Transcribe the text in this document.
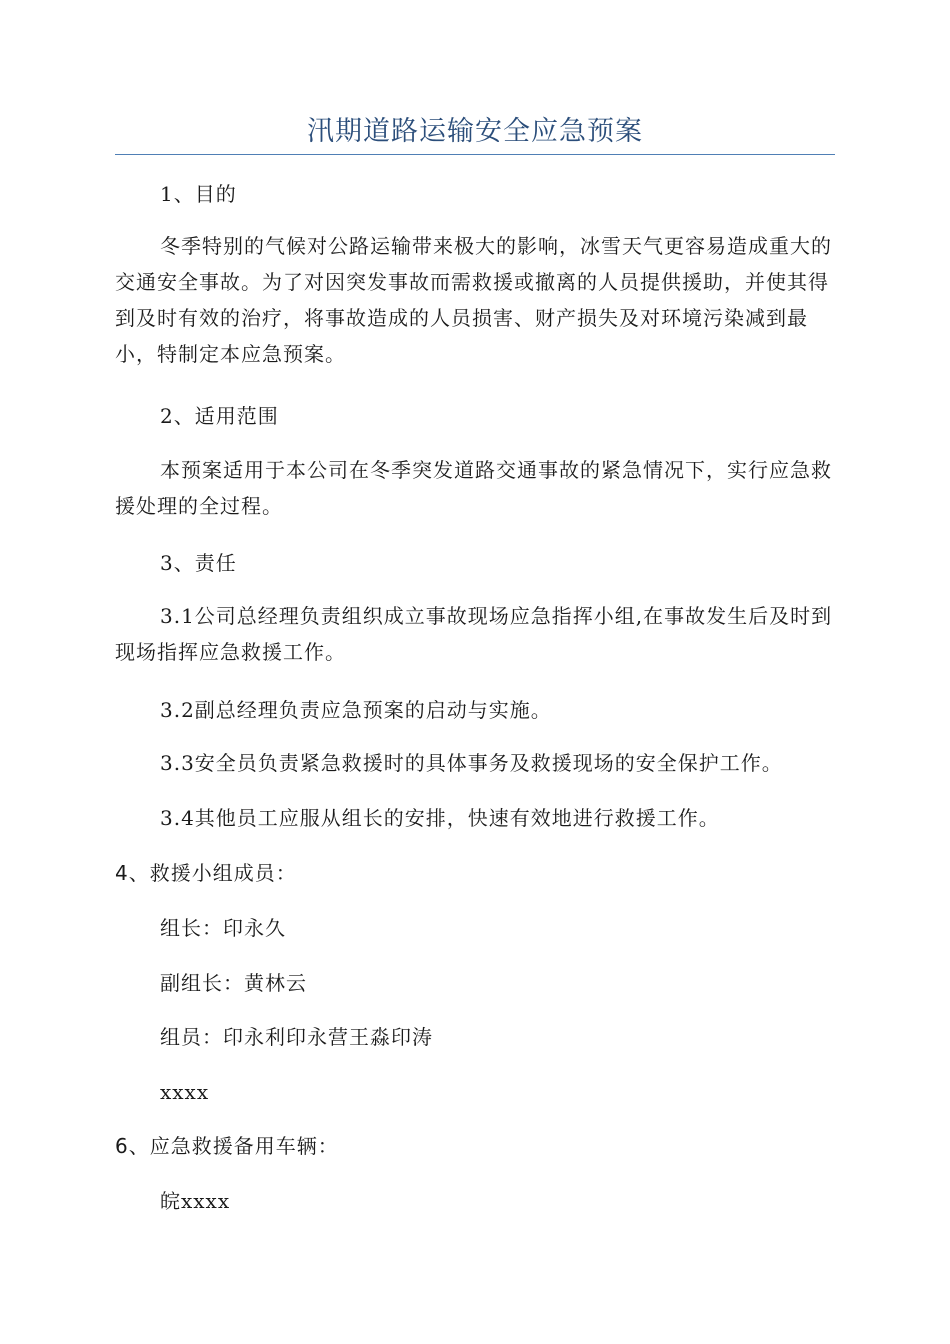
汛期道路运输安全应急预案

1、目的

冬季特别的气候对公路运输带来极大的影响，冰雪天气更容易造成重大的交通安全事故。为了对因突发事故而需救援或撤离的人员提供援助，并使其得到及时有效的治疗，将事故造成的人员损害、财产损失及对环境污染减到最小，特制定本应急预案。

2、适用范围

本预案适用于本公司在冬季突发道路交通事故的紧急情况下，实行应急救援处理的全过程。

3、责任

3.1公司总经理负责组织成立事故现场应急指挥小组,在事故发生后及时到现场指挥应急救援工作。

3.2副总经理负责应急预案的启动与实施。

3.3安全员负责紧急救援时的具体事务及救援现场的安全保护工作。

3.4其他员工应服从组长的安排，快速有效地进行救援工作。

4、救援小组成员：

组长：印永久

副组长：黄林云

组员：印永利印永营王淼印涛

xxxx

6、应急救援备用车辆：

皖xxxx
